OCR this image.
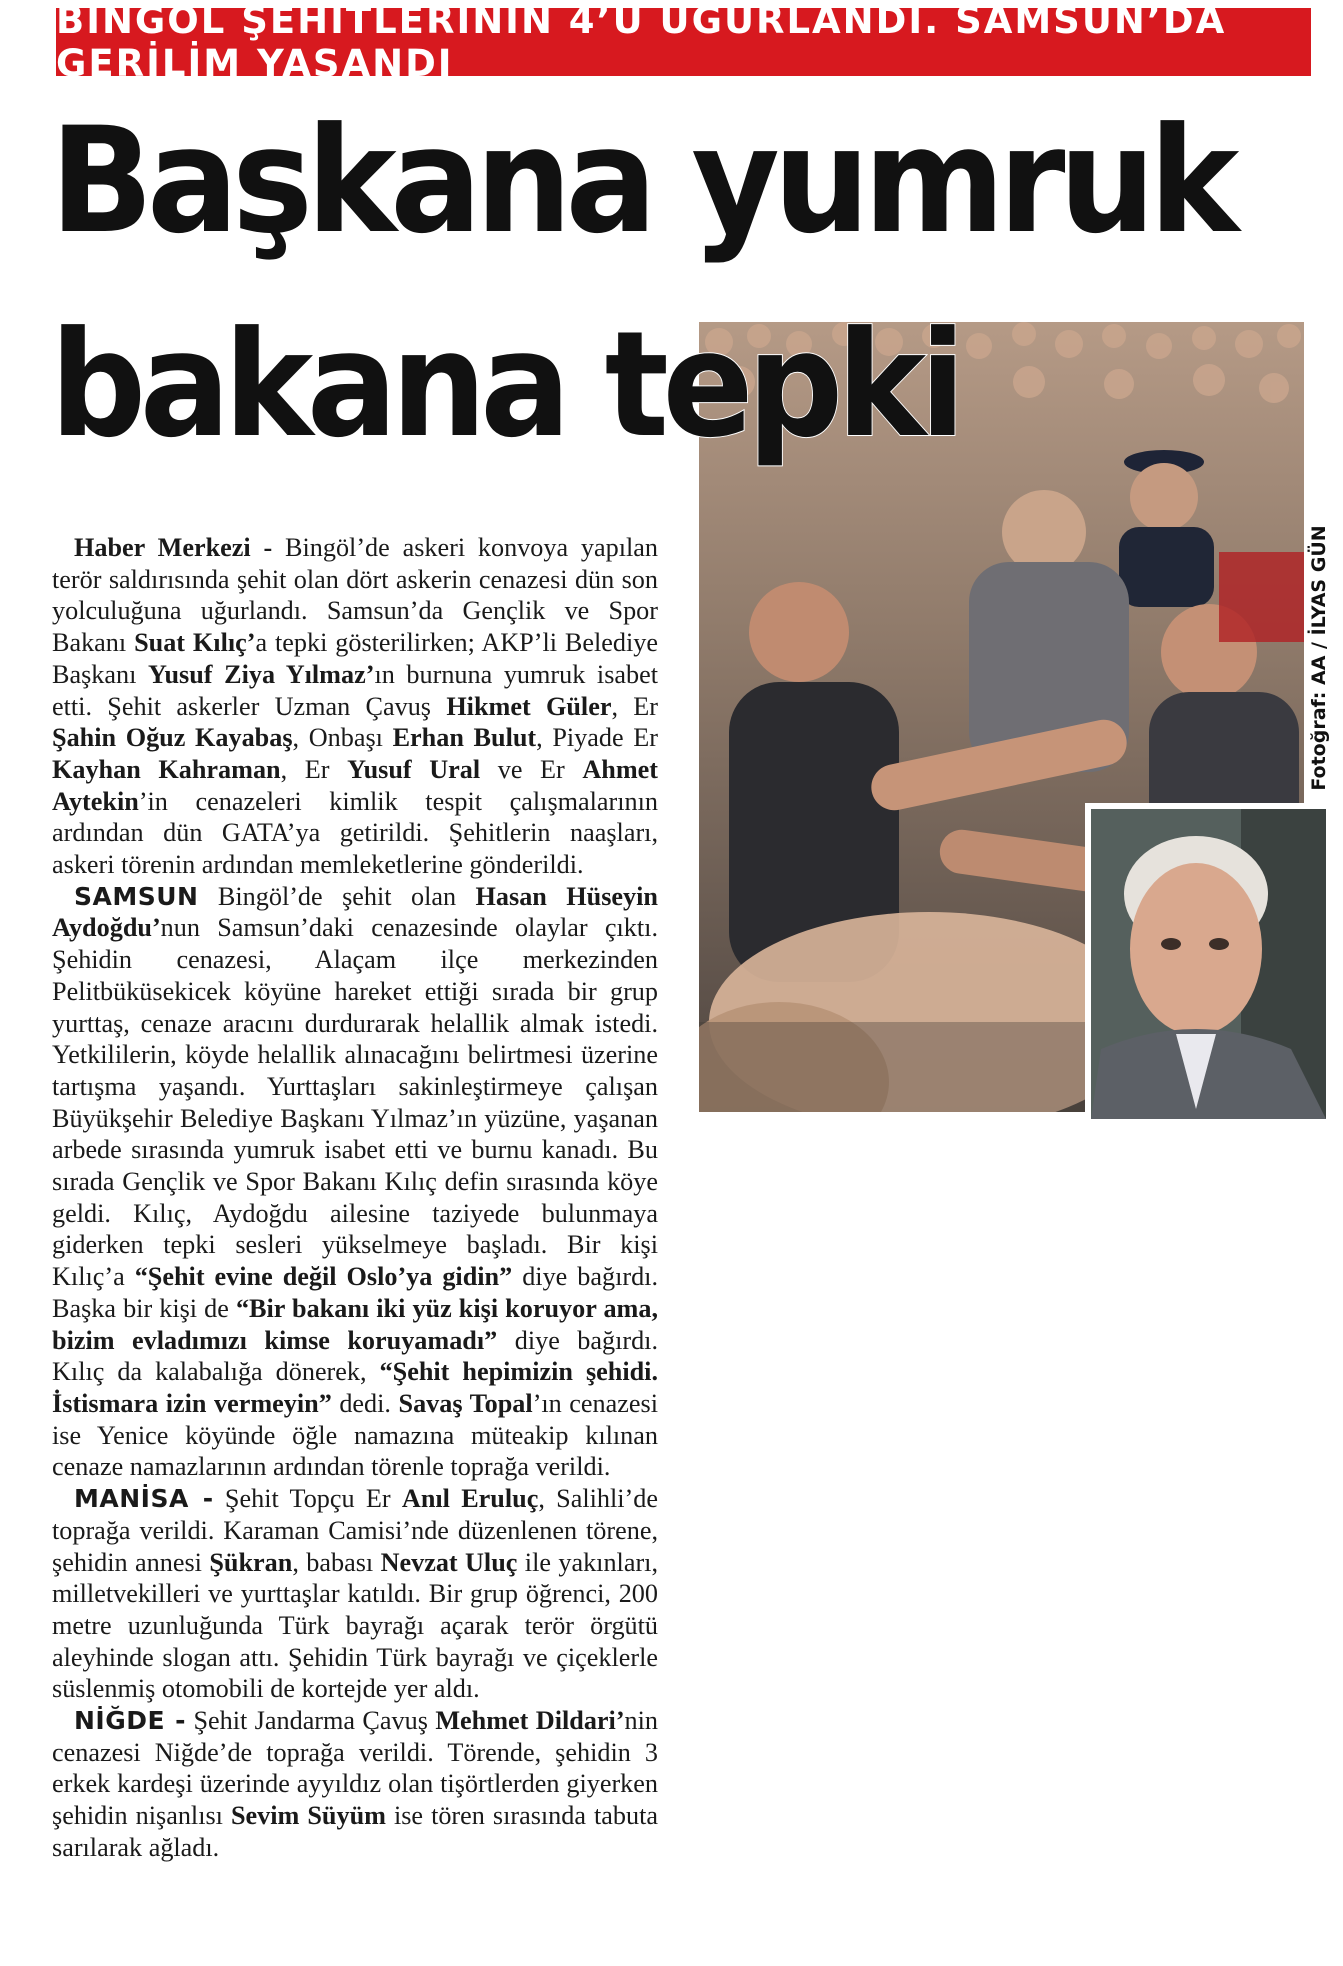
BİNGÖL ŞEHİTLERİNİN 4’Ü UĞURLANDI. SAMSUN’DA GERİLİM YAŞANDI
Başkana yumruk
bakana tepki
Fotoğraf: AA / İLYAS GÜN

Haber Merkezi - Bingöl’de askeri konvoya yapılan terör saldırısında şehit olan dört askerin cenazesi dün son yolculuğuna uğurlandı. Samsun’da Gençlik ve Spor Bakanı Suat Kılıç’a tepki gösterilirken; AKP’li Belediye Başkanı Yusuf Ziya Yılmaz’ın burnuna yumruk isabet etti. Şehit askerler Uzman Çavuş Hikmet Güler, Er Şahin Oğuz Kayabaş, Onbaşı Erhan Bulut, Piyade Er Kayhan Kahraman, Er Yusuf Ural ve Er Ahmet Aytekin’in cenazeleri kimlik tespit çalışmalarının ardından dün GATA’ya getirildi. Şehitlerin naaşları, askeri törenin ardından memleketlerine gönderildi.

SAMSUN Bingöl’de şehit olan Hasan Hüseyin Aydoğdu’nun Samsun’daki cenazesinde olaylar çıktı. Şehidin cenazesi, Alaçam ilçe merkezinden Pelitbüküsekicek köyüne hareket ettiği sırada bir grup yurttaş, cenaze aracını durdurarak helallik almak istedi. Yetkililerin, köyde helallik alınacağını belirtmesi üzerine tartışma yaşandı. Yurttaşları sakinleştirmeye çalışan Büyükşehir Belediye Başkanı Yılmaz’ın yüzüne, yaşanan arbede sırasında yumruk isabet etti ve burnu kanadı. Bu sırada Gençlik ve Spor Bakanı Kılıç defin sırasında köye geldi. Kılıç, Aydoğdu ailesine taziyede bulunmaya giderken tepki sesleri yükselmeye başladı. Bir kişi Kılıç’a “Şehit evine değil Oslo’ya gidin” diye bağırdı. Başka bir kişi de “Bir bakanı iki yüz kişi koruyor ama, bizim evladımızı kimse koruyamadı” diye bağırdı. Kılıç da kalabalığa dönerek, “Şehit hepimizin şehidi. İstismara izin vermeyin” dedi. Savaş Topal’ın cenazesi ise Yenice köyünde öğle namazına müteakip kılınan cenaze namazlarının ardından törenle toprağa verildi.

MANİSA - Şehit Topçu Er Anıl Eruluç, Salihli’de toprağa verildi. Karaman Camisi’nde düzenlenen törene, şehidin annesi Şükran, babası Nevzat Uluç ile yakınları, milletvekilleri ve yurttaşlar katıldı. Bir grup öğrenci, 200 metre uzunluğunda Türk bayrağı açarak terör örgütü aleyhinde slogan attı. Şehidin Türk bayrağı ve çiçeklerle süslenmiş otomobili de kortejde yer aldı.

NİĞDE - Şehit Jandarma Çavuş Mehmet Dildari’nin cenazesi Niğde’de toprağa verildi. Törende, şehidin 3 erkek kardeşi üzerinde ayyıldız olan tişörtlerden giyerken şehidin nişanlısı Sevim Süyüm ise tören sırasında tabuta sarılarak ağladı.
